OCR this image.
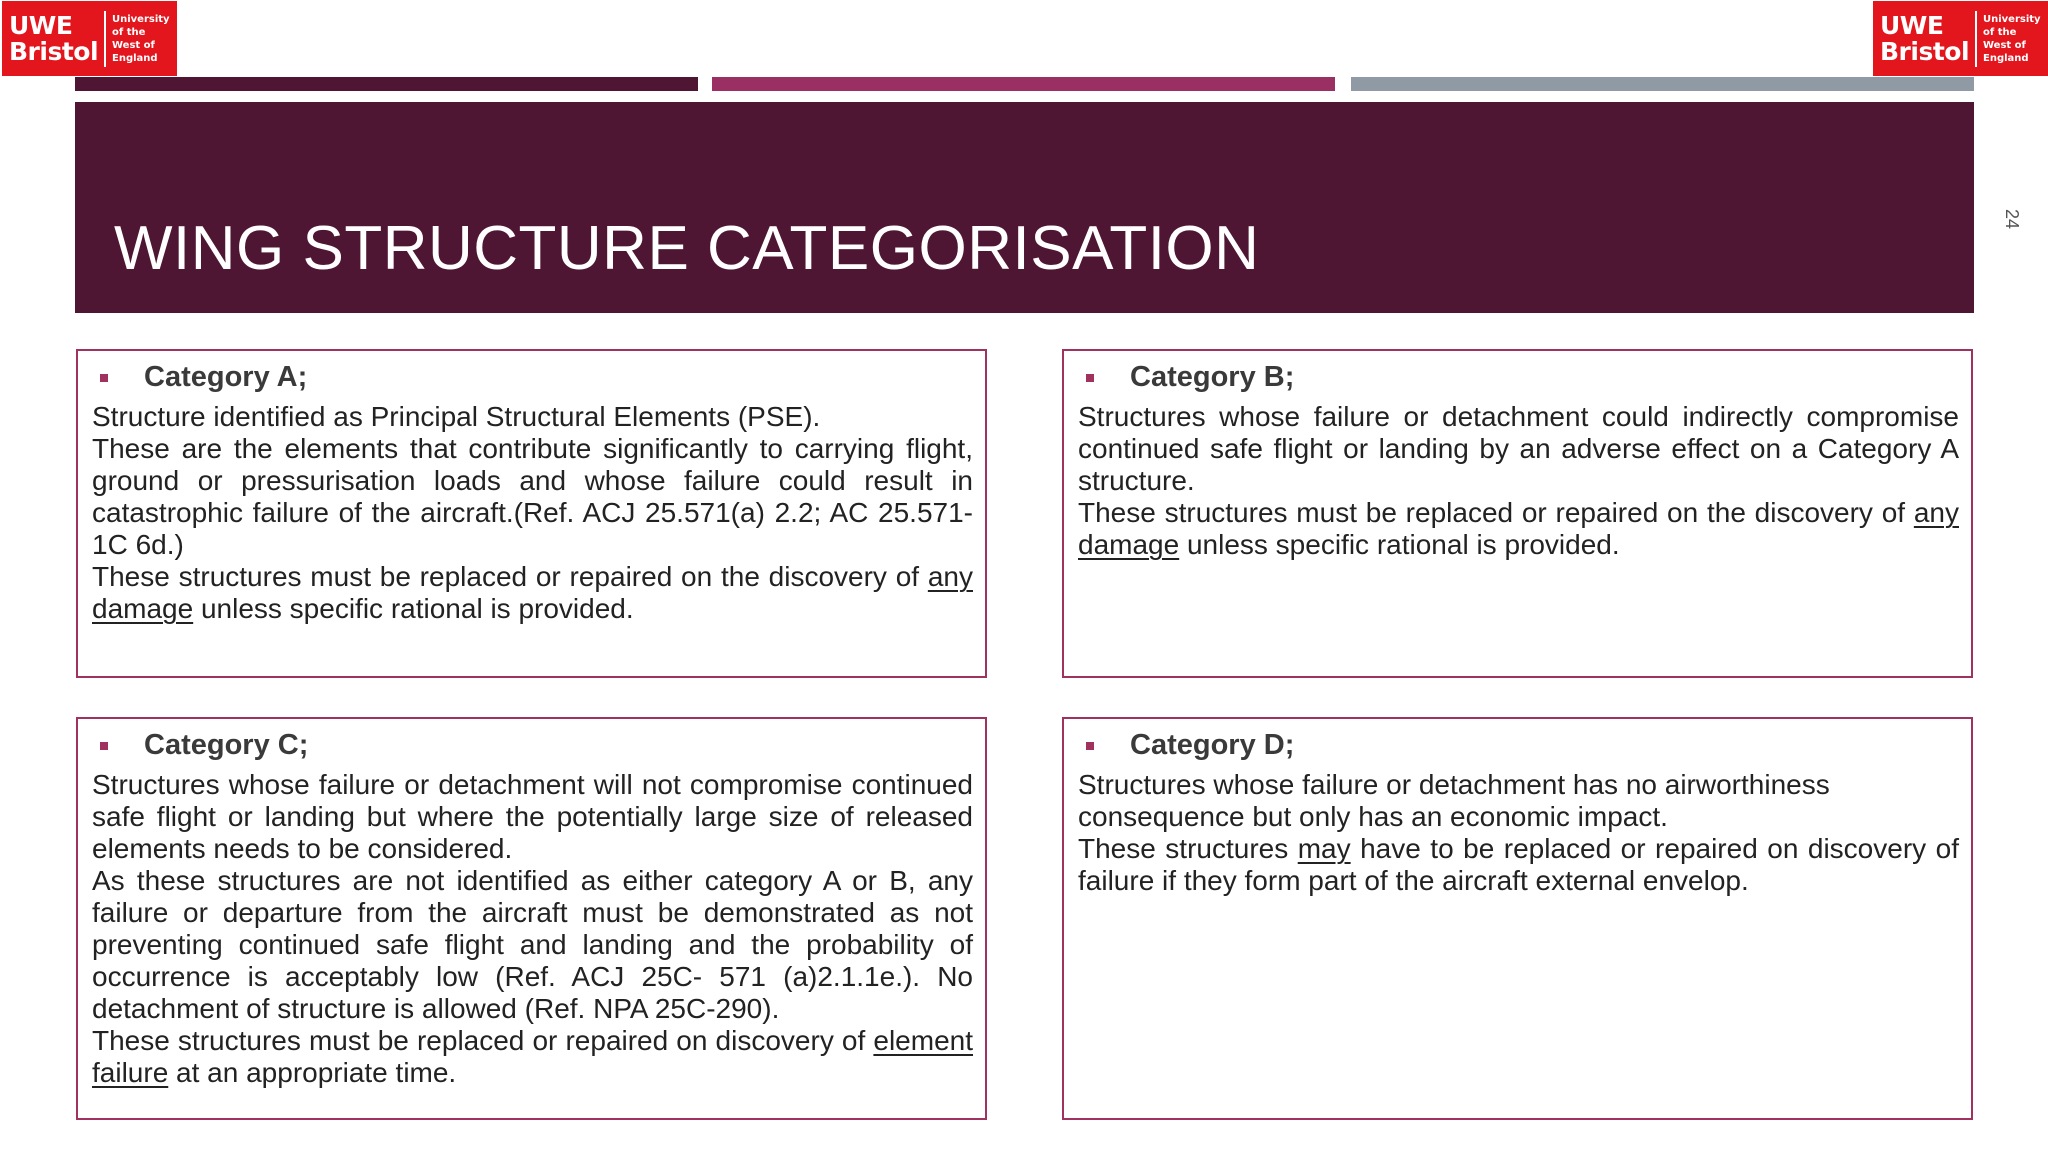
UWE
Bristol
University
of the
West of
England
UWE
Bristol
University
of the
West of
England
WING STRUCTURE CATEGORISATION	24
Category A;

Structure identified as Principal Structural Elements (PSE).

These are the elements that contribute significantly to carrying flight, ground or pressurisation loads and whose failure could result in catastrophic failure of the aircraft.(Ref. ACJ 25.571(a) 2.2; AC 25.571-1C 6d.)

These structures must be replaced or repaired on the discovery of any damage unless specific rational is provided.

Category B;

Structures whose failure or detachment could indirectly compromise continued safe flight or landing by an adverse effect on a Category A structure.

These structures must be replaced or repaired on the discovery of any damage unless specific rational is provided.

Category C;

Structures whose failure or detachment will not compromise continued safe flight or landing but where the potentially large size of released elements needs to be considered.

As these structures are not identified as either category A or B, any failure or departure from the aircraft must be demonstrated as not preventing continued safe flight and landing and the probability of occurrence is acceptably low (Ref. ACJ 25C- 571 (a)2.1.1e.). No detachment of structure is allowed (Ref. NPA 25C-290).

These structures must be replaced or repaired on discovery of element failure at an appropriate time.

Category D;

Structures whose failure or detachment has no airworthiness consequence but only has an economic impact.

These structures may have to be replaced or repaired on discovery of failure if they form part of the aircraft external envelop.
